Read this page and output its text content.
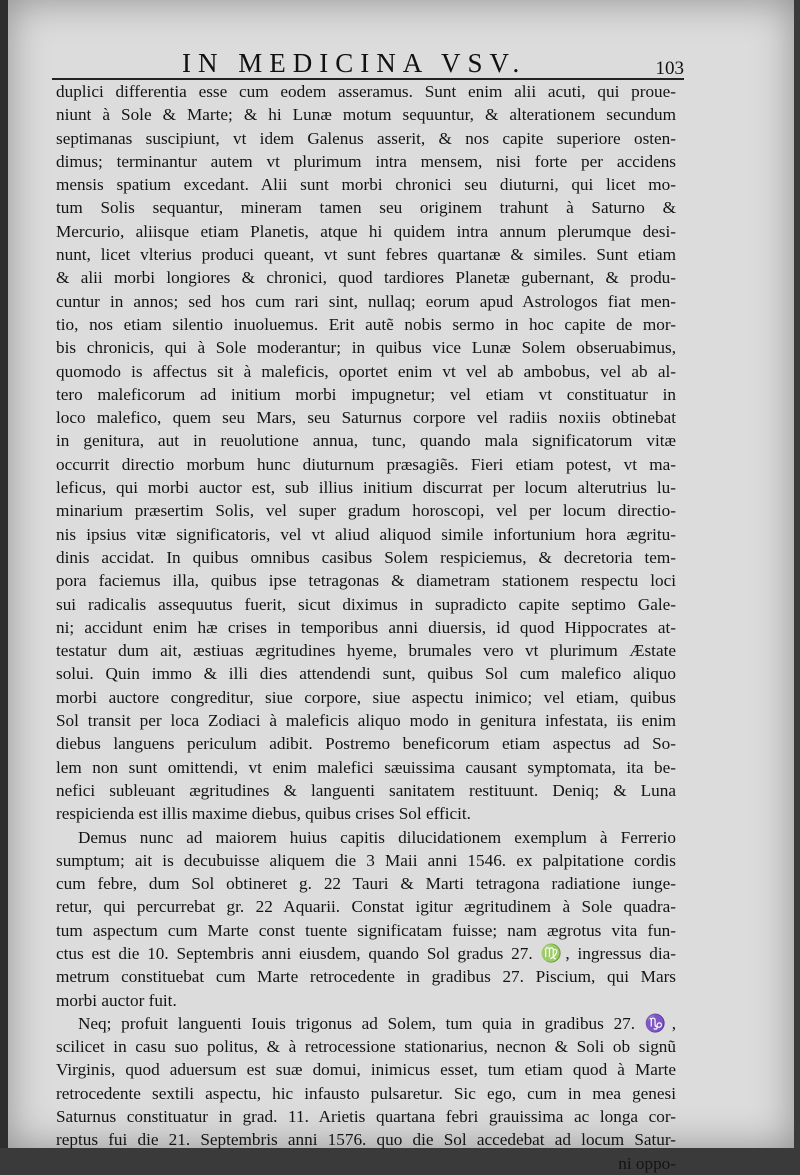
IN MEDICINA VSV.	103
duplici differentia esse cum eodem asseramus. Sunt enim alii acuti, qui proue-
niunt à Sole & Marte; & hi Lunæ motum sequuntur, & alterationem secundum
septimanas suscipiunt, vt idem Galenus asserit, & nos capite superiore osten-
dimus; terminantur autem vt plurimum intra mensem, nisi forte per accidens
mensis spatium excedant. Alii sunt morbi chronici seu diuturni, qui licet mo-
tum Solis sequantur, mineram tamen seu originem trahunt à Saturno &
Mercurio, aliisque etiam Planetis, atque hi quidem intra annum plerumque desi-
nunt, licet vlterius produci queant, vt sunt febres quartanæ & similes. Sunt etiam
& alii morbi longiores & chronici, quod tardiores Planetæ gubernant, & produ-
cuntur in annos; sed hos cum rari sint, nullaq; eorum apud Astrologos fiat men-
tio, nos etiam silentio inuoluemus. Erit autẽ nobis sermo in hoc capite de mor-
bis chronicis, qui à Sole moderantur; in quibus vice Lunæ Solem obseruabimus,
quomodo is affectus sit à maleficis, oportet enim vt vel ab ambobus, vel ab al-
tero maleficorum ad initium morbi impugnetur; vel etiam vt constituatur in
loco malefico, quem seu Mars, seu Saturnus corpore vel radiis noxiis obtinebat
in genitura, aut in reuolutione annua, tunc, quando mala significatorum vitæ
occurrit directio morbum hunc diuturnum præsagiẽs. Fieri etiam potest, vt ma-
leficus, qui morbi auctor est, sub illius initium discurrat per locum alterutrius lu-
minarium præsertim Solis, vel super gradum horoscopi, vel per locum directio-
nis ipsius vitæ significatoris, vel vt aliud aliquod simile infortunium hora ægritu-
dinis accidat. In quibus omnibus casibus Solem respiciemus, & decretoria tem-
pora faciemus illa, quibus ipse tetragonas & diametram stationem respectu loci
sui radicalis assequutus fuerit, sicut diximus in supradicto capite septimo Gale-
ni; accidunt enim hæ crises in temporibus anni diuersis, id quod Hippocrates at-
testatur dum ait, æstiuas ægritudines hyeme, brumales vero vt plurimum Æstate
solui. Quin immo & illi dies attendendi sunt, quibus Sol cum malefico aliquo
morbi auctore congreditur, siue corpore, siue aspectu inimico; vel etiam, quibus
Sol transit per loca Zodiaci à maleficis aliquo modo in genitura infestata, iis enim
diebus languens periculum adibit. Postremo beneficorum etiam aspectus ad So-
lem non sunt omittendi, vt enim malefici sæuissima causant symptomata, ita be-
nefici subleuant ægritudines & languenti sanitatem restituunt. Deniq; & Luna
respicienda est illis maxime diebus, quibus crises Sol efficit.
Demus nunc ad maiorem huius capitis dilucidationem exemplum à Ferrerio
sumptum; ait is decubuisse aliquem die 3 Maii anni 1546. ex palpitatione cordis
cum febre, dum Sol obtineret g. 22 Tauri & Marti tetragona radiatione iunge-
retur, qui percurrebat gr. 22 Aquarii. Constat igitur ægritudinem à Sole quadra-
tum aspectum cum Marte const tuente significatam fuisse; nam ægrotus vita fun-
ctus est die 10. Septembris anni eiusdem, quando Sol gradus 27. ♍, ingressus dia-
metrum constituebat cum Marte retrocedente in gradibus 27. Piscium, qui Mars
morbi auctor fuit.
Neq; profuit languenti Iouis trigonus ad Solem, tum quia in gradibus 27. ♑,
scilicet in casu suo politus, & à retrocessione stationarius, necnon & Soli ob signũ
Virginis, quod aduersum est suæ domui, inimicus esset, tum etiam quod à Marte
retrocedente sextili aspectu, hic infausto pulsaretur. Sic ego, cum in mea genesi
Saturnus constituatur in grad. 11. Arietis quartana febri grauissima ac longa cor-
reptus fui die 21. Septembris anni 1576. quo die Sol accedebat ad locum Satur-
ni oppo-
